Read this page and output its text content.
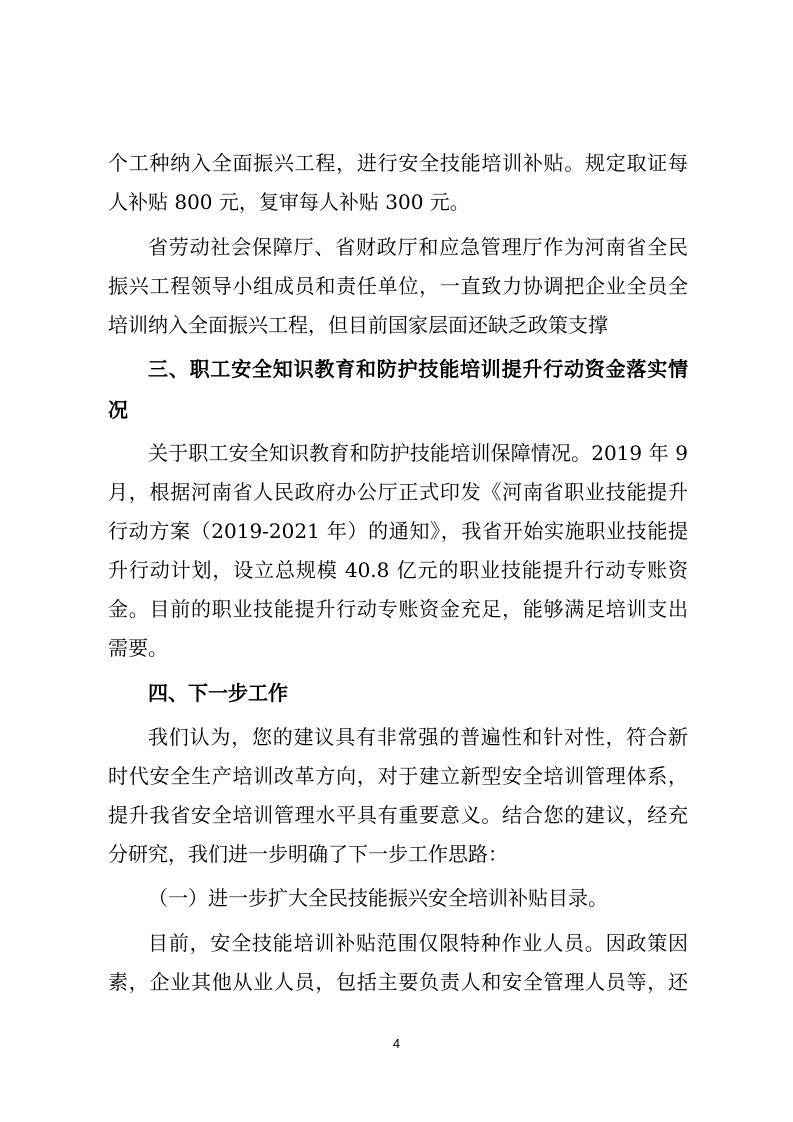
个工种纳入全面振兴工程，进行安全技能培训补贴。规定取证每

人补贴 800 元，复审每人补贴 300 元。

省劳动社会保障厅、省财政厅和应急管理厅作为河南省全民

振兴工程领导小组成员和责任单位，一直致力协调把企业全员全

培训纳入全面振兴工程，但目前国家层面还缺乏政策支撑

三、职工安全知识教育和防护技能培训提升行动资金落实情

况

关于职工安全知识教育和防护技能培训保障情况。2019 年 9

月，根据河南省人民政府办公厅正式印发《河南省职业技能提升

行动方案（2019-2021 年）的通知》，我省开始实施职业技能提

升行动计划，设立总规模 40.8 亿元的职业技能提升行动专账资

金。目前的职业技能提升行动专账资金充足，能够满足培训支出

需要。

四、下一步工作

我们认为，您的建议具有非常强的普遍性和针对性，符合新

时代安全生产培训改革方向，对于建立新型安全培训管理体系，

提升我省安全培训管理水平具有重要意义。结合您的建议，经充

分研究，我们进一步明确了下一步工作思路：

（一）进一步扩大全民技能振兴安全培训补贴目录。

目前，安全技能培训补贴范围仅限特种作业人员。因政策因

素，企业其他从业人员，包括主要负责人和安全管理人员等，还

4
